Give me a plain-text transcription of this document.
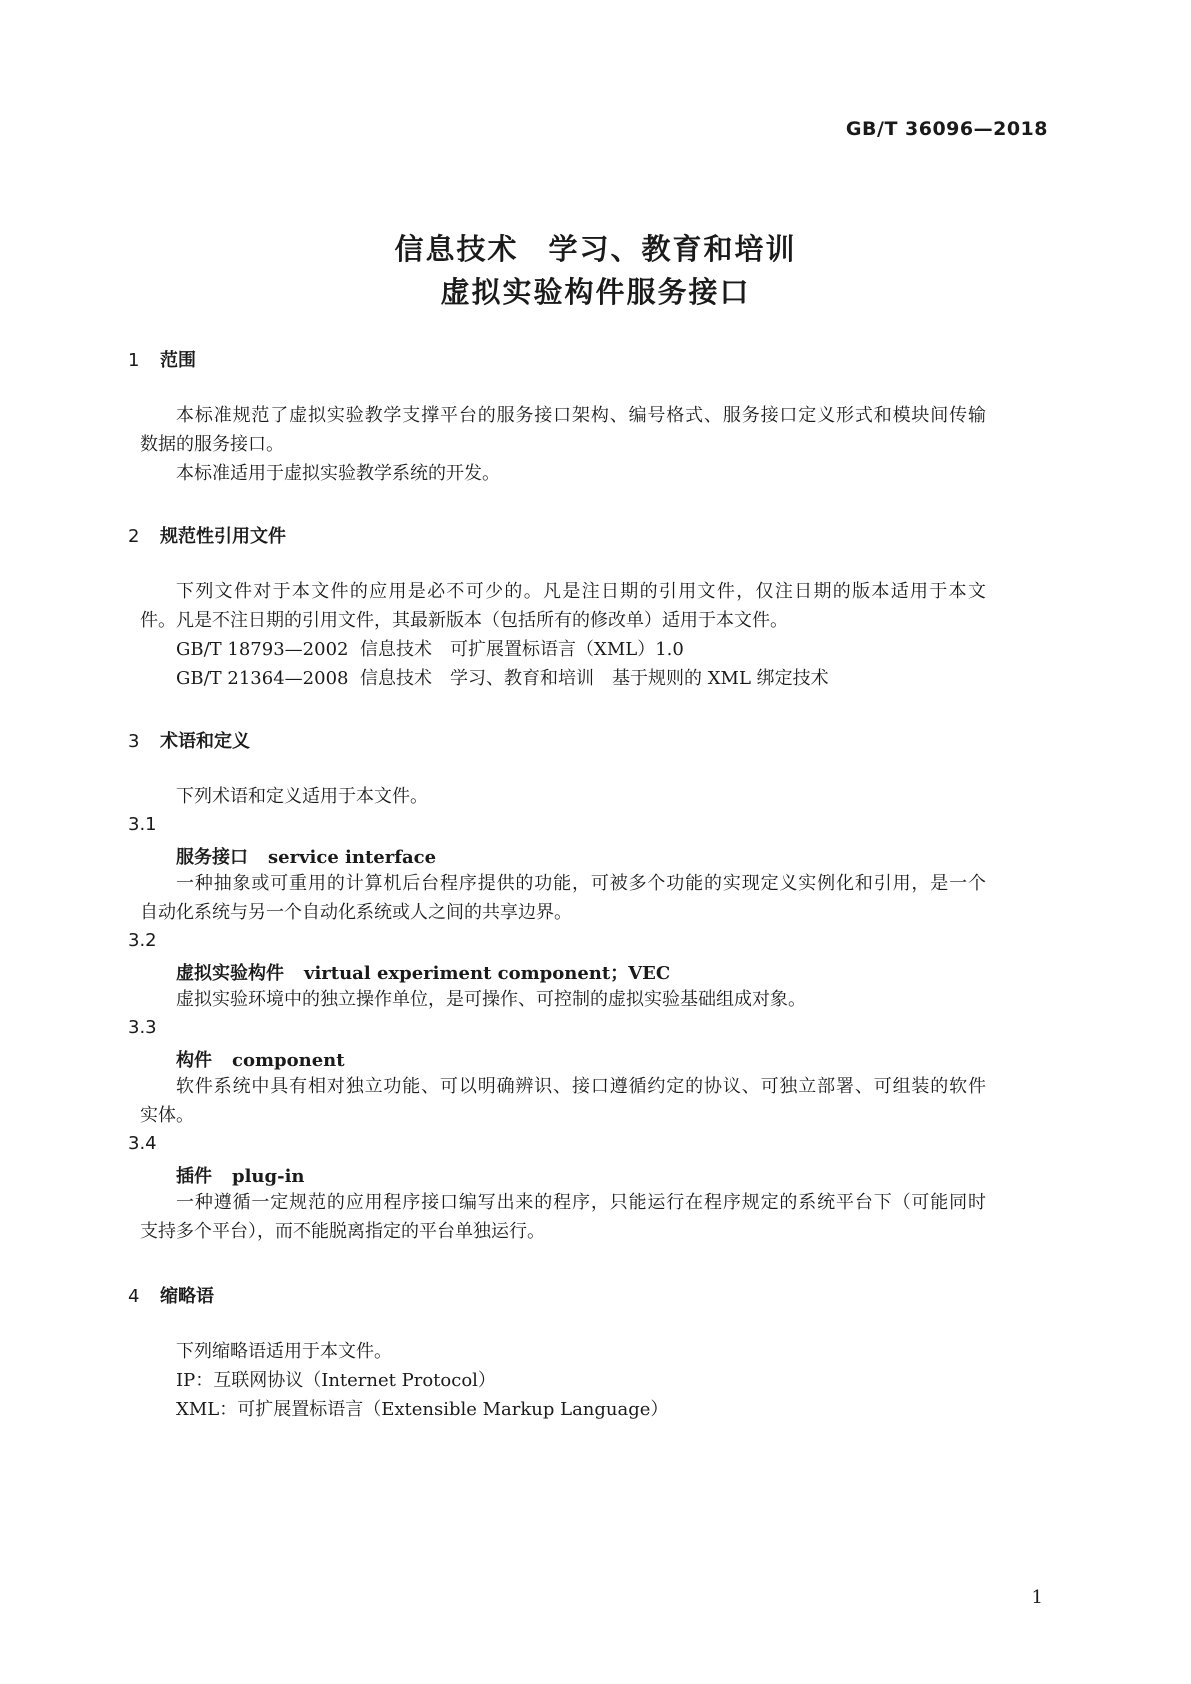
GB/T 36096—2018
信息技术 学习、教育和培训
虚拟实验构件服务接口
1 范围
本标准规范了虚拟实验教学支撑平台的服务接口架构、编号格式、服务接口定义形式和模块间传输
数据的服务接口。
本标准适用于虚拟实验教学系统的开发。
2 规范性引用文件
下列文件对于本文件的应用是必不可少的。凡是注日期的引用文件，仅注日期的版本适用于本文
件。凡是不注日期的引用文件，其最新版本（包括所有的修改单）适用于本文件。
GB/T 18793—2002 信息技术 可扩展置标语言（XML）1.0
GB/T 21364—2008 信息技术 学习、教育和培训 基于规则的 XML 绑定技术
3 术语和定义
下列术语和定义适用于本文件。
3.1
服务接口 service interface
一种抽象或可重用的计算机后台程序提供的功能，可被多个功能的实现定义实例化和引用，是一个
自动化系统与另一个自动化系统或人之间的共享边界。
3.2
虚拟实验构件 virtual experiment component；VEC
虚拟实验环境中的独立操作单位，是可操作、可控制的虚拟实验基础组成对象。
3.3
构件 component
软件系统中具有相对独立功能、可以明确辨识、接口遵循约定的协议、可独立部署、可组装的软件
实体。
3.4
插件 plug-in
一种遵循一定规范的应用程序接口编写出来的程序，只能运行在程序规定的系统平台下（可能同时
支持多个平台），而不能脱离指定的平台单独运行。
4 缩略语
下列缩略语适用于本文件。
IP：互联网协议（Internet Protocol）
XML：可扩展置标语言（Extensible Markup Language）
1
